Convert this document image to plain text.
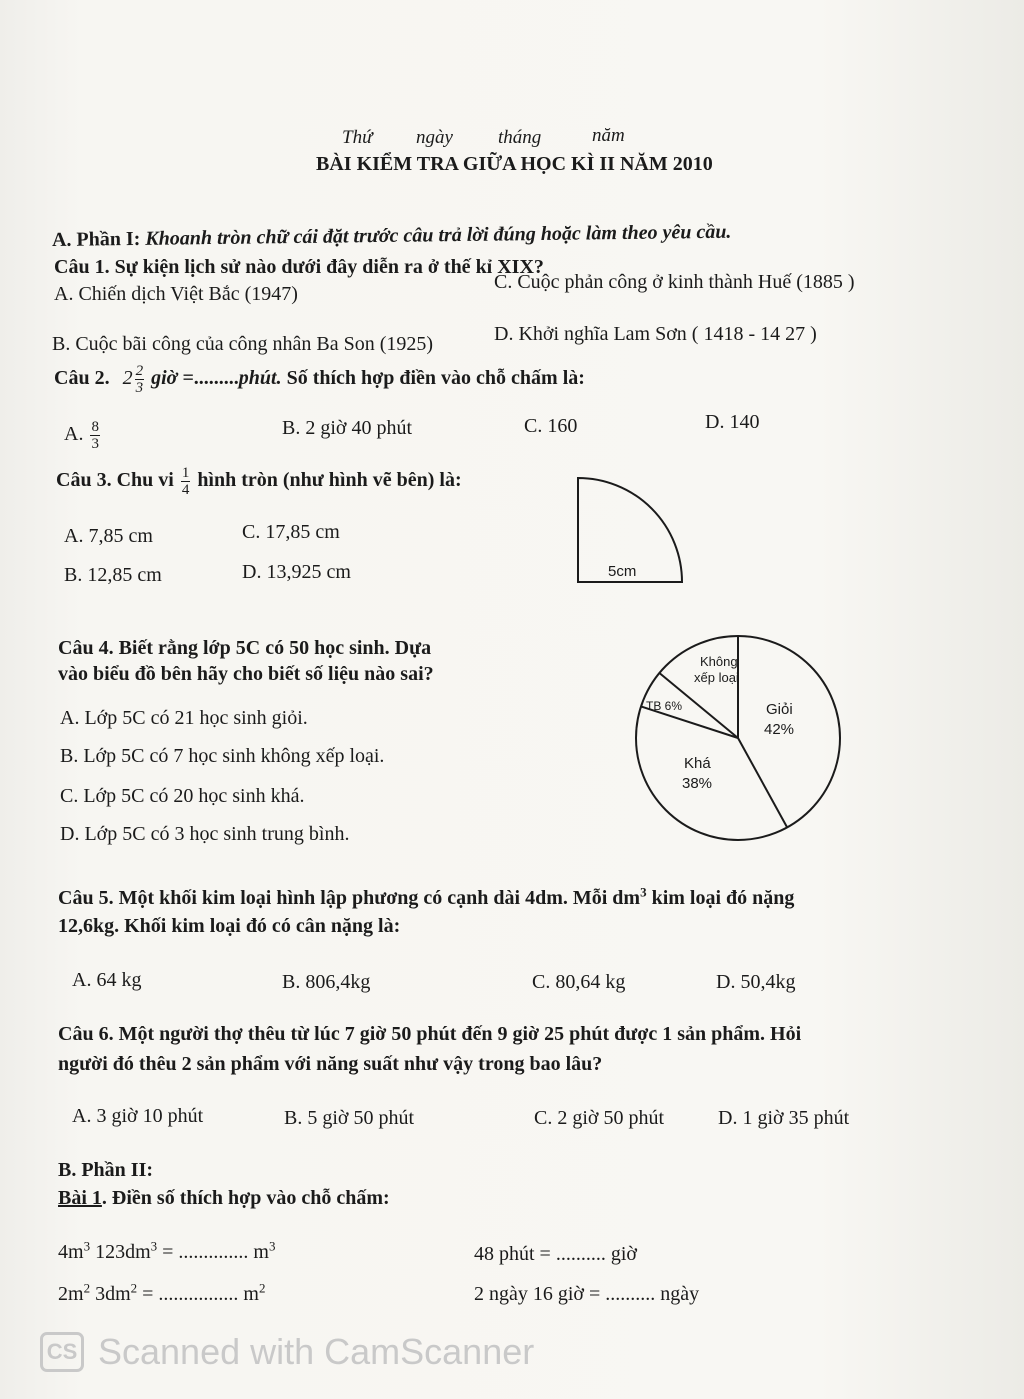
Thứ ngày tháng	năm
BÀI KIỂM TRA GIỮA HỌC KÌ II NĂM 2010
A. Phần I: Khoanh tròn chữ cái đặt trước câu trả lời đúng hoặc làm theo yêu cầu.
Câu 1. Sự kiện lịch sử nào dưới đây diễn ra ở thế kỉ XIX?
A. Chiến dịch Việt Bắc (1947)
C. Cuộc phản công ở kinh thành Huế (1885 )
B. Cuộc bãi công của công nhân Ba Son (1925)	D. Khởi nghĩa Lam Sơn ( 1418 - 14 27 )
Câu 2. $2 \frac{2}{3}$ giờ =.........phút. Số thích hợp điền vào chỗ chấm là:
A. $\frac{8}{3}$	B. 2 giờ 40 phút	C. 160	D. 140
Câu 3. Chu vi $\frac{1}{4}$ hình tròn (như hình vẽ bên) là:
A. 7,85 cm	C. 17,85 cm
B. 12,85 cm	D. 13,925 cm	5cm
Câu 4. Biết rằng lớp 5C có 50 học sinh. Dựa
vào biểu đồ bên hãy cho biết số liệu nào sai?
A. Lớp 5C có 21 học sinh giỏi.
B. Lớp 5C có 7 học sinh không xếp loại.
C. Lớp 5C có 20 học sinh khá.
D. Lớp 5C có 3 học sinh trung bình.
Không
xếp loại
TB 6%	Giỏi
42%
Khá
38%
Câu 5. Một khối kim loại hình lập phương có cạnh dài 4dm. Mỗi $dm^3$ kim loại đó nặng
12,6kg. Khối kim loại đó có cân nặng là:
A. 64 kg	B. 806,4kg	C. 80,64 kg	D. 50,4kg
Câu 6. Một người thợ thêu từ lúc 7 giờ 50 phút đến 9 giờ 25 phút được 1 sản phẩm. Hỏi
người đó thêu 2 sản phẩm với năng suất như vậy trong bao lâu?
A. 3 giờ 10 phút	B. 5 giờ 50 phút	C. 2 giờ 50 phút	D. 1 giờ 35 phút
B. Phần II:
Bài 1. Điền số thích hợp vào chỗ chấm:
$4m^3$ $123dm^3$ = .............. $m^3$	48 phút = .......... giờ
$2m^2$ $3dm^2$ = ................ $m^2$	2 ngày 16 giờ = .......... ngày
CS Scanned with CamScanner
